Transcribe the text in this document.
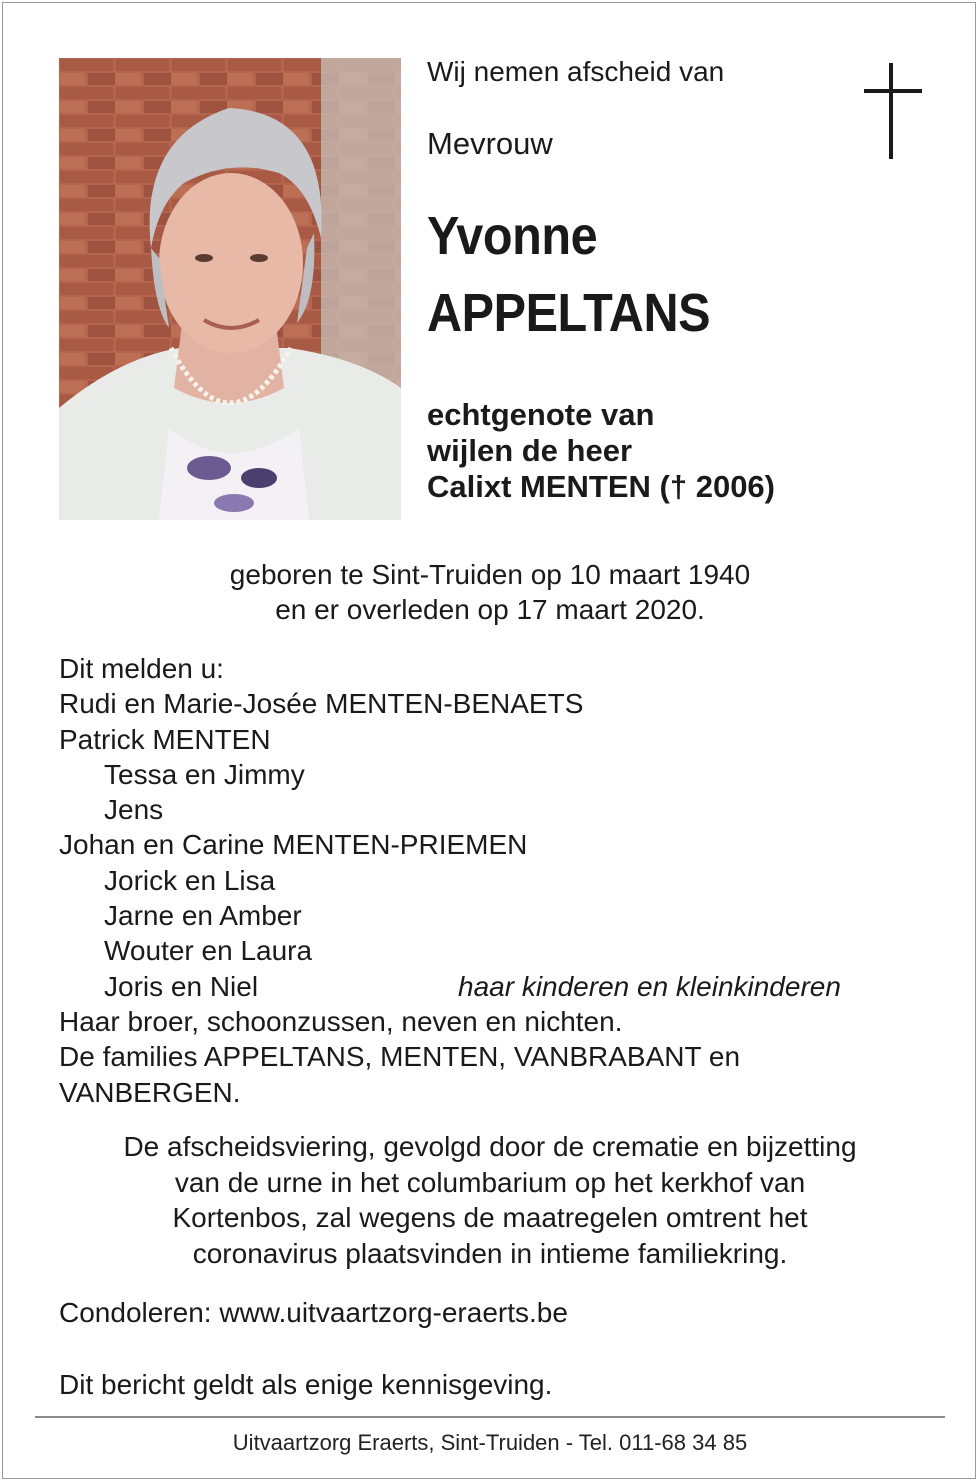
Wij nemen afscheid van
Mevrouw
Yvonne
APPELTANS
echtgenote van
wijlen de heer
Calixt MENTEN († 2006)
geboren te Sint-Truiden op 10 maart 1940
en er overleden op 17 maart 2020.
Dit melden u:
Rudi en Marie-Josée MENTEN-BENAETS
Patrick MENTEN
Tessa en Jimmy
Jens
Johan en Carine MENTEN-PRIEMEN
Jorick en Lisa
Jarne en Amber
Wouter en Laura
Joris en Niel
Haar broer, schoonzussen, neven en nichten.
De families APPELTANS, MENTEN, VANBRABANT en
VANBERGEN.
haar kinderen en kleinkinderen
De afscheidsviering, gevolgd door de crematie en bijzetting
van de urne in het columbarium op het kerkhof van
Kortenbos, zal wegens de maatregelen omtrent het
coronavirus plaatsvinden in intieme familiekring.
Condoleren: www.uitvaartzorg-eraerts.be
Dit bericht geldt als enige kennisgeving.
Uitvaartzorg Eraerts, Sint-Truiden - Tel. 011-68 34 85
